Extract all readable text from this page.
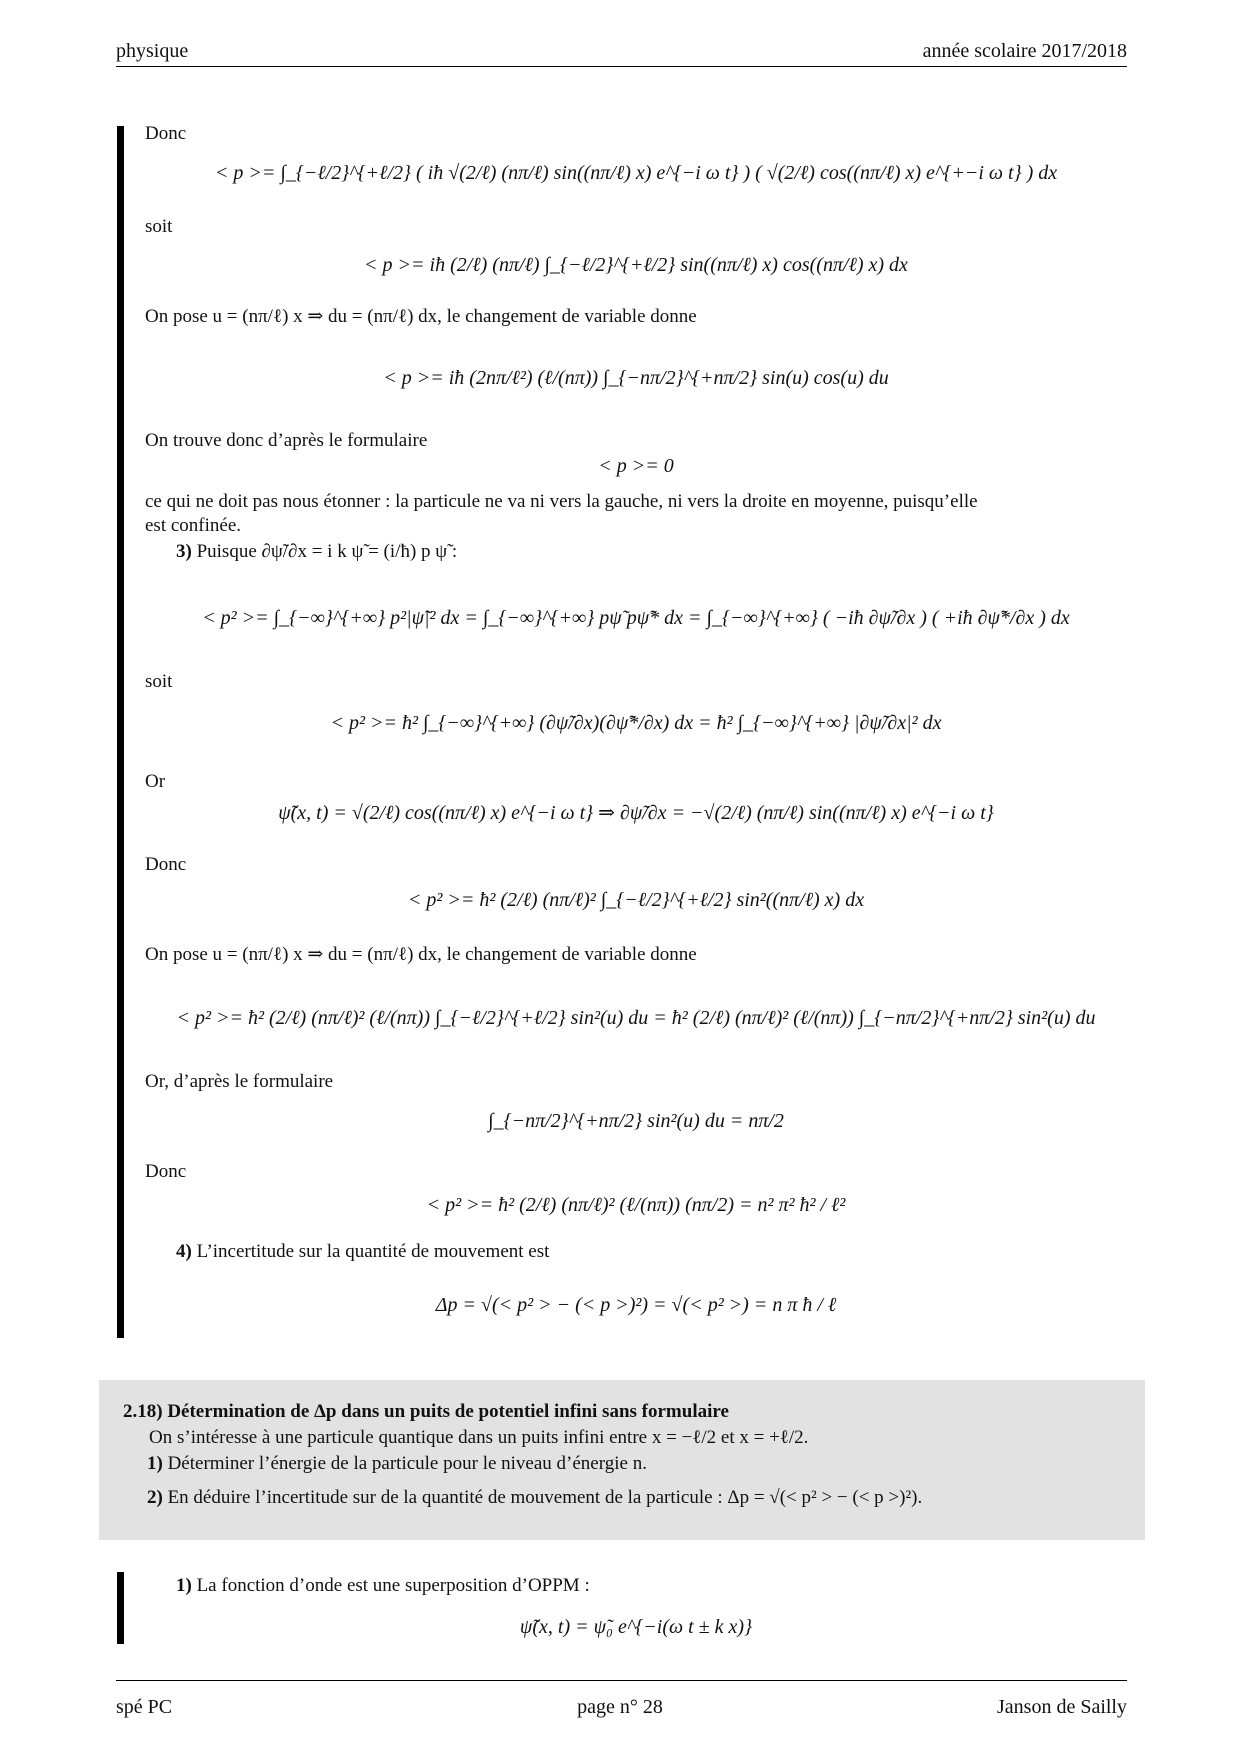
physique	année scolaire 2017/2018
Donc
< p >= ∫_{−ℓ/2}^{+ℓ/2} ( iħ √(2/ℓ) (nπ/ℓ) sin((nπ/ℓ) x) e^{−i ω t} ) ( √(2/ℓ) cos((nπ/ℓ) x) e^{+−i ω t} ) dx
soit
< p >= iħ (2/ℓ) (nπ/ℓ) ∫_{−ℓ/2}^{+ℓ/2} sin((nπ/ℓ) x) cos((nπ/ℓ) x) dx
On pose u = (nπ/ℓ) x ⇒ du = (nπ/ℓ) dx, le changement de variable donne
< p >= iħ (2nπ/ℓ²) (ℓ/(nπ)) ∫_{−nπ/2}^{+nπ/2} sin(u) cos(u) du
On trouve donc d’après le formulaire
< p >= 0
ce qui ne doit pas nous étonner : la particule ne va ni vers la gauche, ni vers la droite en moyenne, puisqu’elle
est confinée.
3) Puisque ∂ψ̃/∂x = i k ψ̃ = (i/ħ) p ψ̃ :
< p² >= ∫_{−∞}^{+∞} p²|ψ̃|² dx = ∫_{−∞}^{+∞} pψ̃ pψ̃* dx = ∫_{−∞}^{+∞} ( −iħ ∂ψ̃/∂x ) ( +iħ ∂ψ̃*/∂x ) dx
soit
< p² >= ħ² ∫_{−∞}^{+∞} (∂ψ̃/∂x)(∂ψ̃*/∂x) dx = ħ² ∫_{−∞}^{+∞} |∂ψ̃/∂x|² dx
Or
ψ̃(x, t) = √(2/ℓ) cos((nπ/ℓ) x) e^{−i ω t} ⇒ ∂ψ̃/∂x = −√(2/ℓ) (nπ/ℓ) sin((nπ/ℓ) x) e^{−i ω t}
Donc
< p² >= ħ² (2/ℓ) (nπ/ℓ)² ∫_{−ℓ/2}^{+ℓ/2} sin²((nπ/ℓ) x) dx
On pose u = (nπ/ℓ) x ⇒ du = (nπ/ℓ) dx, le changement de variable donne
< p² >= ħ² (2/ℓ) (nπ/ℓ)² (ℓ/(nπ)) ∫_{−ℓ/2}^{+ℓ/2} sin²(u) du = ħ² (2/ℓ) (nπ/ℓ)² (ℓ/(nπ)) ∫_{−nπ/2}^{+nπ/2} sin²(u) du
Or, d’après le formulaire
∫_{−nπ/2}^{+nπ/2} sin²(u) du = nπ/2
Donc
< p² >= ħ² (2/ℓ) (nπ/ℓ)² (ℓ/(nπ)) (nπ/2) = n² π² ħ² / ℓ²
4) L’incertitude sur la quantité de mouvement est
Δp = √(< p² > − (< p >)²) = √(< p² >) = n π ħ / ℓ
2.18) Détermination de Δp dans un puits de potentiel infini sans formulaire
On s’intéresse à une particule quantique dans un puits infini entre x = −ℓ/2 et x = +ℓ/2.
1) Déterminer l’énergie de la particule pour le niveau d’énergie n.
2) En déduire l’incertitude sur de la quantité de mouvement de la particule : Δp = √(< p² > − (< p >)²).
1) La fonction d’onde est une superposition d’OPPM :
ψ̃(x, t) = ψ̃₀ e^{−i(ω t ± k x)}
spé PC	page n° 28	Janson de Sailly
